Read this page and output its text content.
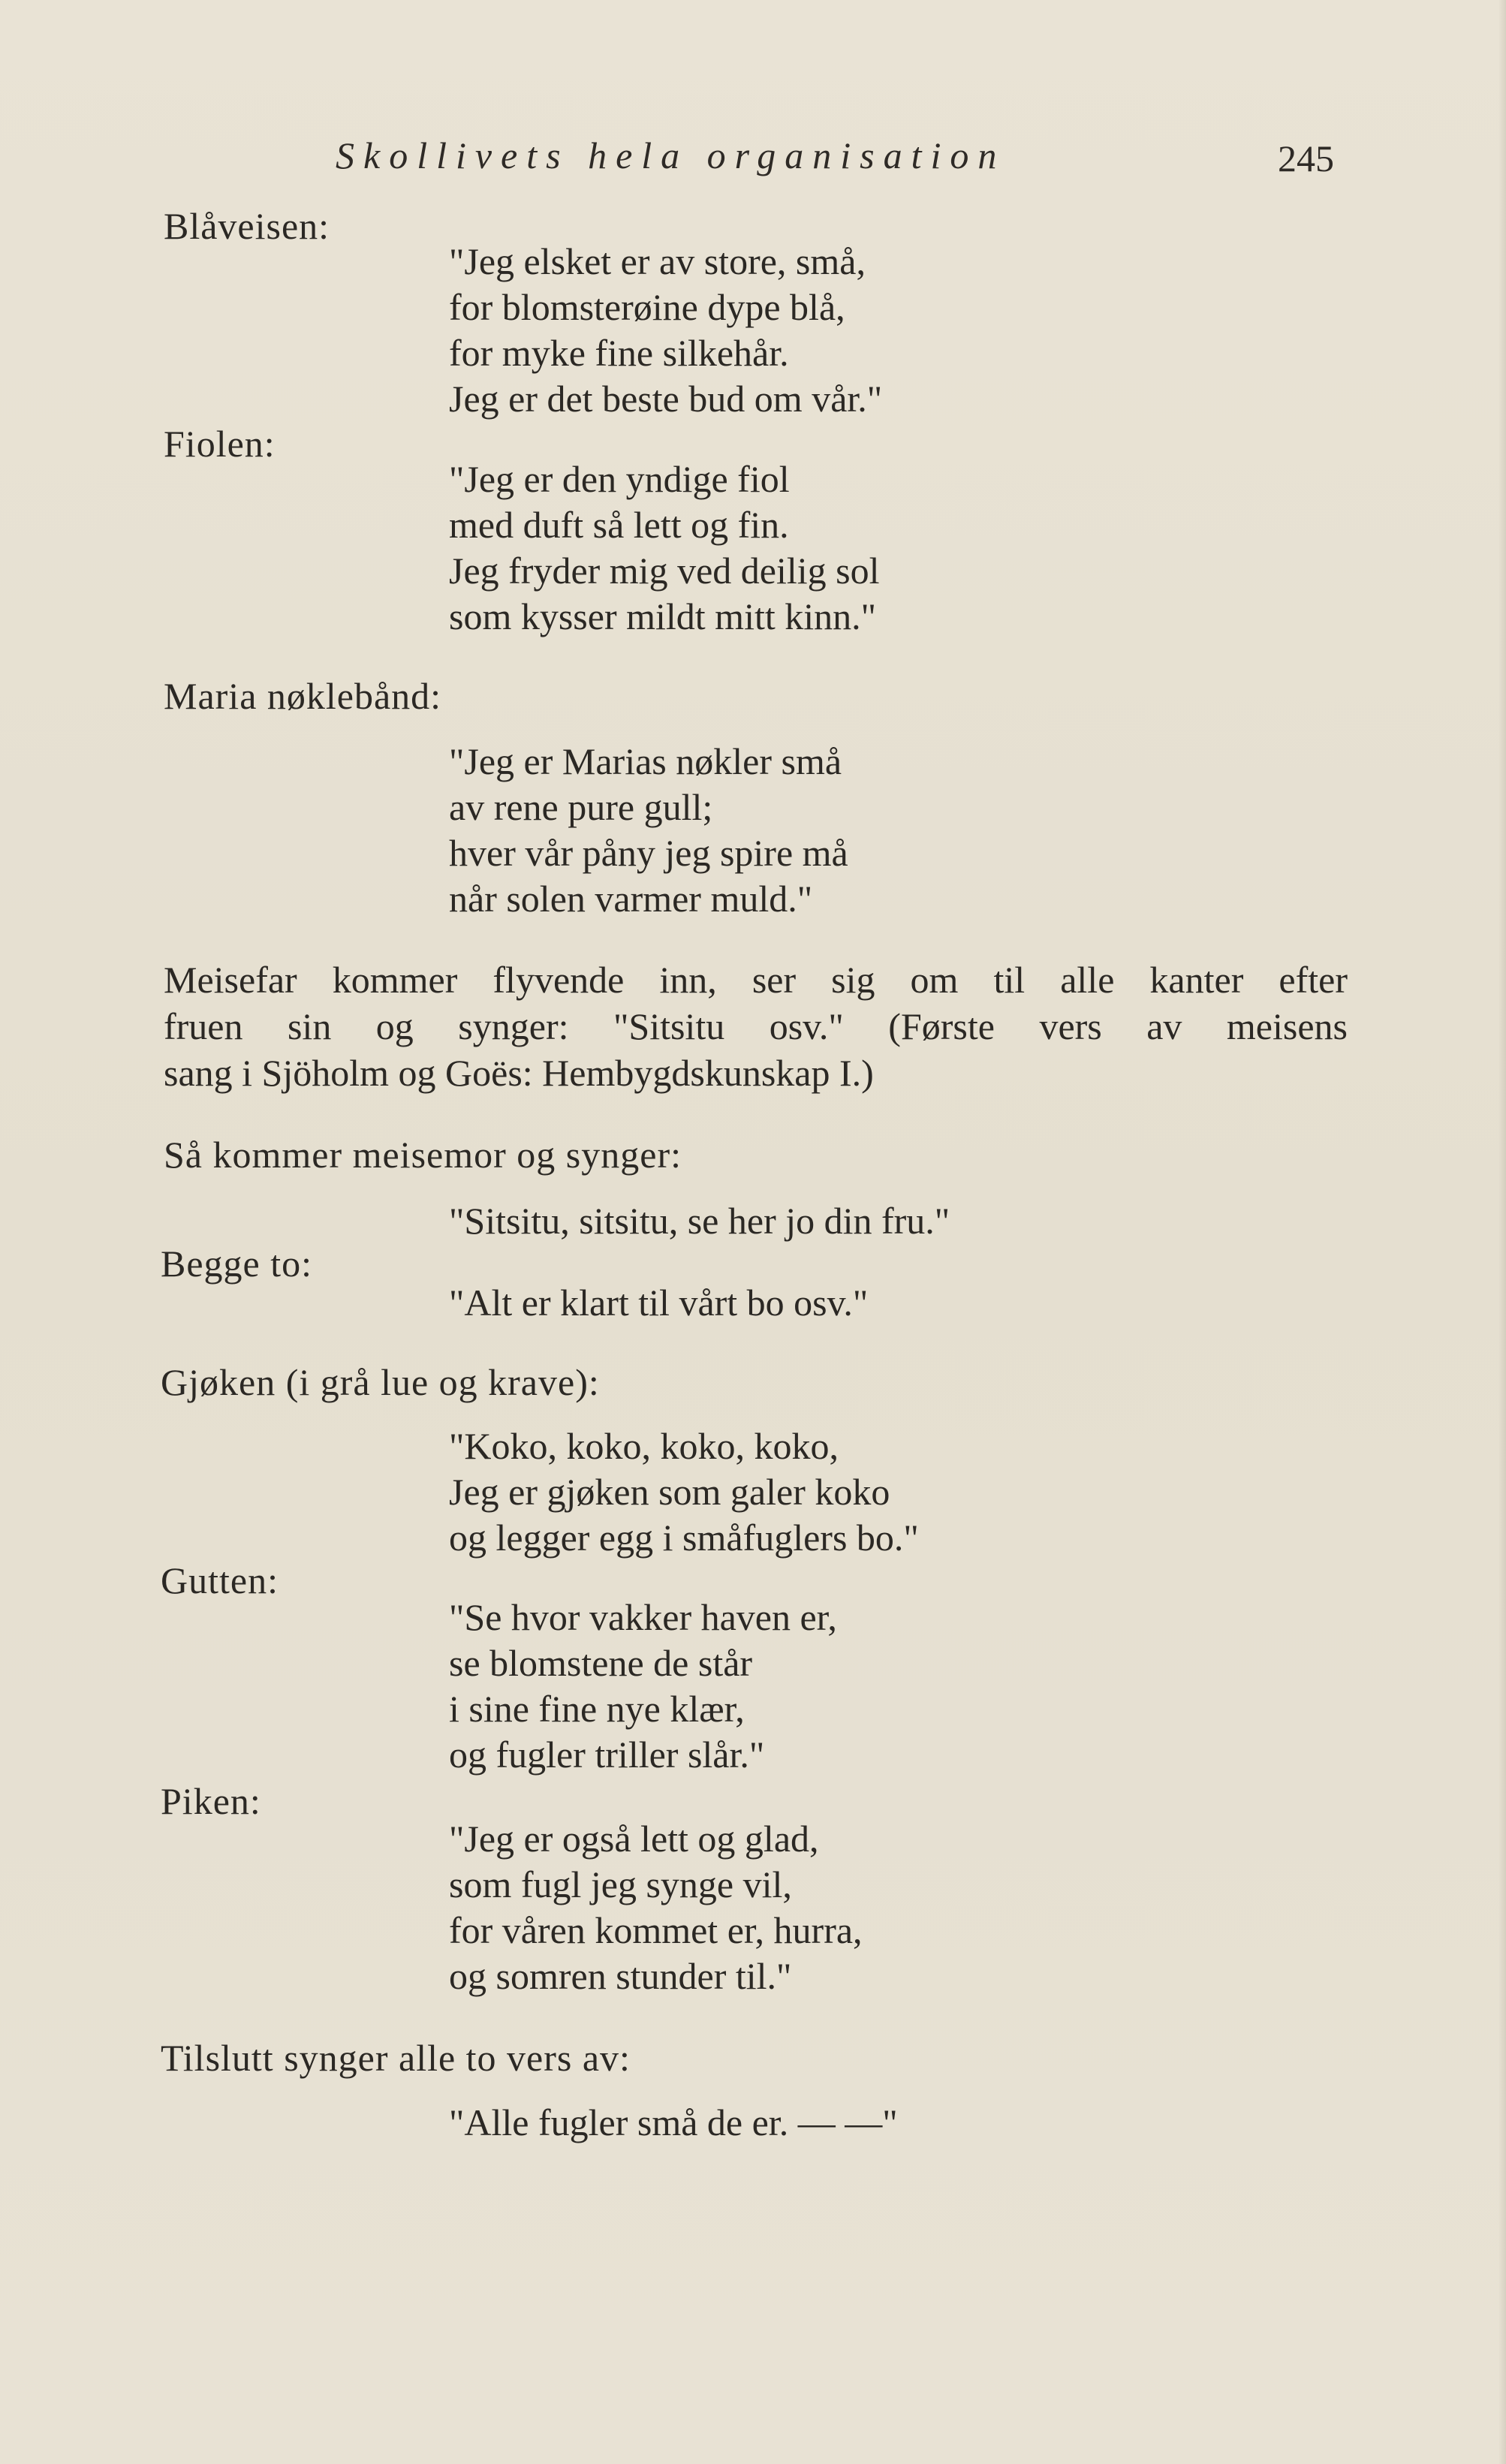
Skollivets hela organisation	245
Blåveisen:
"Jeg elsket er av store, små,
for blomsterøine dype blå,
for myke fine silkehår.
Jeg er det beste bud om vår."
Fiolen:
"Jeg er den yndige fiol
med duft så lett og fin.
Jeg fryder mig ved deilig sol
som kysser mildt mitt kinn."
Maria nøklebånd:
"Jeg er Marias nøkler små
av rene pure gull;
hver vår påny jeg spire må
når solen varmer muld."
Meisefar kommer flyvende inn, ser sig om til alle kanter efter
fruen sin og synger: "Sitsitu osv." (Første vers av meisens
sang i Sjöholm og Goës: Hembygdskunskap I.)
Så kommer meisemor og synger:
"Sitsitu, sitsitu, se her jo din fru."
Begge to:
"Alt er klart til vårt bo osv."
Gjøken (i grå lue og krave):
"Koko, koko, koko, koko,
Jeg er gjøken som galer koko
og legger egg i småfuglers bo."
Gutten:
"Se hvor vakker haven er,
se blomstene de står
i sine fine nye klær,
og fugler triller slår."
Piken:
"Jeg er også lett og glad,
som fugl jeg synge vil,
for våren kommet er, hurra,
og somren stunder til."
Tilslutt synger alle to vers av:
"Alle fugler små de er. — —"
